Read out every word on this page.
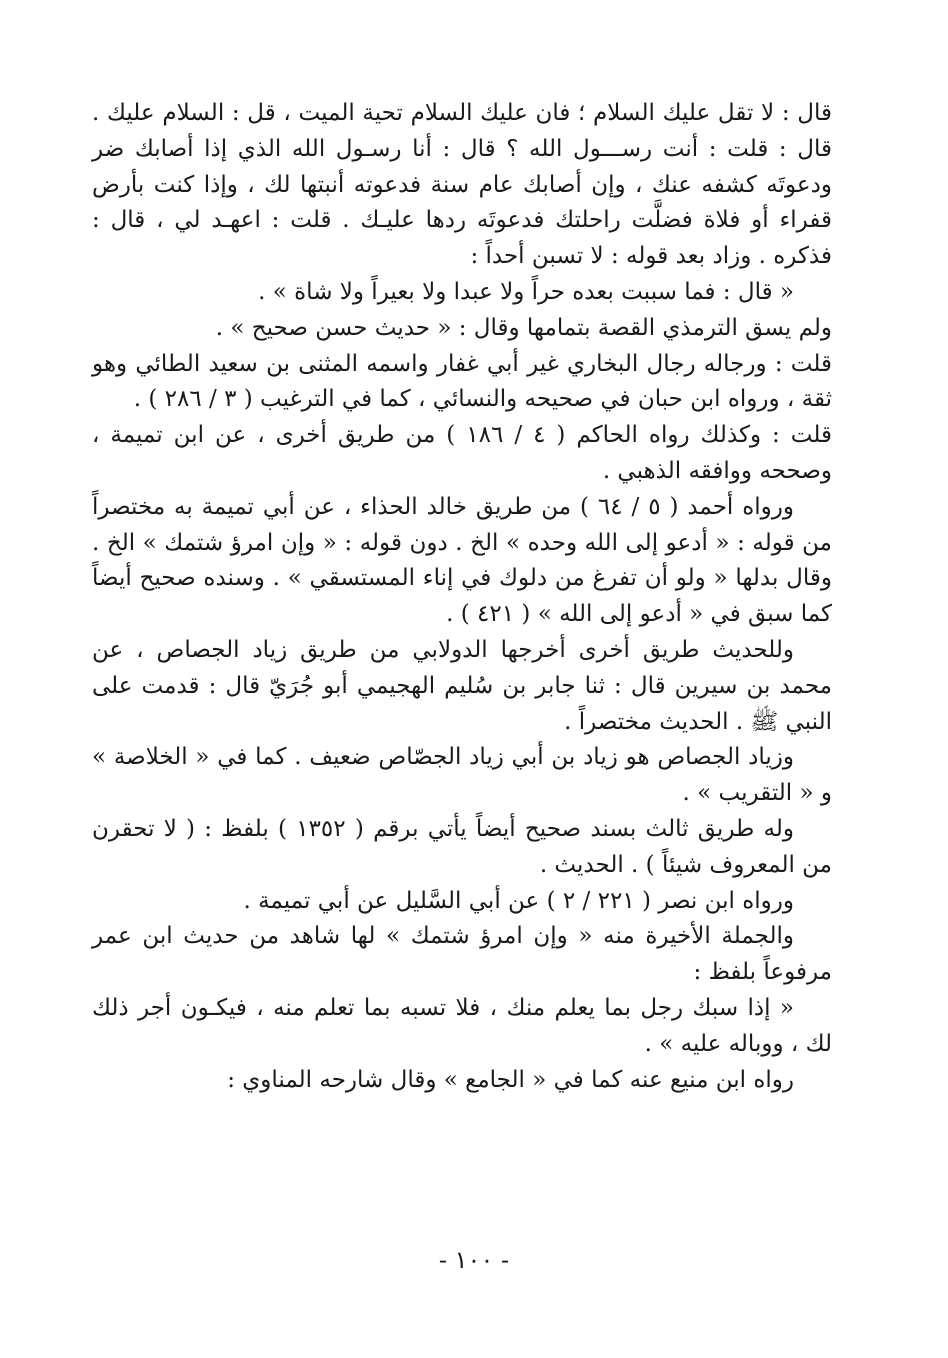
قال : لا تقل عليك السلام ؛ فان عليك السلام تحية الميت ، قل : السلام عليك . قال : قلت : أنت رســـول الله ؟ قال : أنا رسـول الله الذي إذا أصابك ضر ودعوتَه كشفه عنك ، وإن أصابك عام سنة فدعوته أنبتها لك ، وإذا كنت بأرض قفراء أو فلاة فضلَّت راحلتك فدعوتَه ردها عليـك . قلت : اعهـد لي ، قال : فذكره . وزاد بعد قوله : لا تسبن أحداً :

« قال : فما سببت بعده حراً ولا عبدا ولا بعيراً ولا شاة » .

ولم يسق الترمذي القصة بتمامها وقال : « حديث حسن صحيح » .

قلت : ورجاله رجال البخاري غير أبي غفار واسمه المثنى بن سعيد الطائي وهو ثقة ، ورواه ابن حبان في صحيحه والنسائي ، كما في الترغيب ( ٣ / ٢٨٦ ) .

قلت : وكذلك رواه الحاكم ( ٤ / ١٨٦ ) من طريق أخرى ، عن ابن تميمة ، وصححه ووافقه الذهبي .

ورواه أحمد ( ٥ / ٦٤ ) من طريق خالد الحذاء ، عن أبي تميمة به مختصراً من قوله : « أدعو إلى الله وحده » الخ . دون قوله : « وإن امرؤ شتمك » الخ . وقال بدلها « ولو أن تفرغ من دلوك في إناء المستسقي » . وسنده صحيح أيضاً كما سبق في « أدعو إلى الله » ( ٤٢١ ) .

وللحديث طريق أخرى أخرجها الدولابي من طريق زياد الجصاص ، عن محمد بن سيرين قال : ثنا جابر بن سُليم الهجيمي أبو جُرَيّ قال : قدمت على النبي ﷺ . الحديث مختصراً .

وزياد الجصاص هو زياد بن أبي زياد الجصّاص ضعيف . كما في « الخلاصة » و « التقريب » .

وله طريق ثالث بسند صحيح أيضاً يأتي برقم ( ١٣٥٢ ) بلفظ : ( لا تحقرن من المعروف شيئاً ) . الحديث .

ورواه ابن نصر ( ٢٢١ / ٢ ) عن أبي السَّليل عن أبي تميمة .

والجملة الأخيرة منه « وإن امرؤ شتمك » لها شاهد من حديث ابن عمر مرفوعاً بلفظ :

« إذا سبك رجل بما يعلم منك ، فلا تسبه بما تعلم منه ، فيكـون أجر ذلك لك ، ووباله عليه » .

رواه ابن منيع عنه كما في « الجامع » وقال شارحه المناوي :

- ١٠٠ -
